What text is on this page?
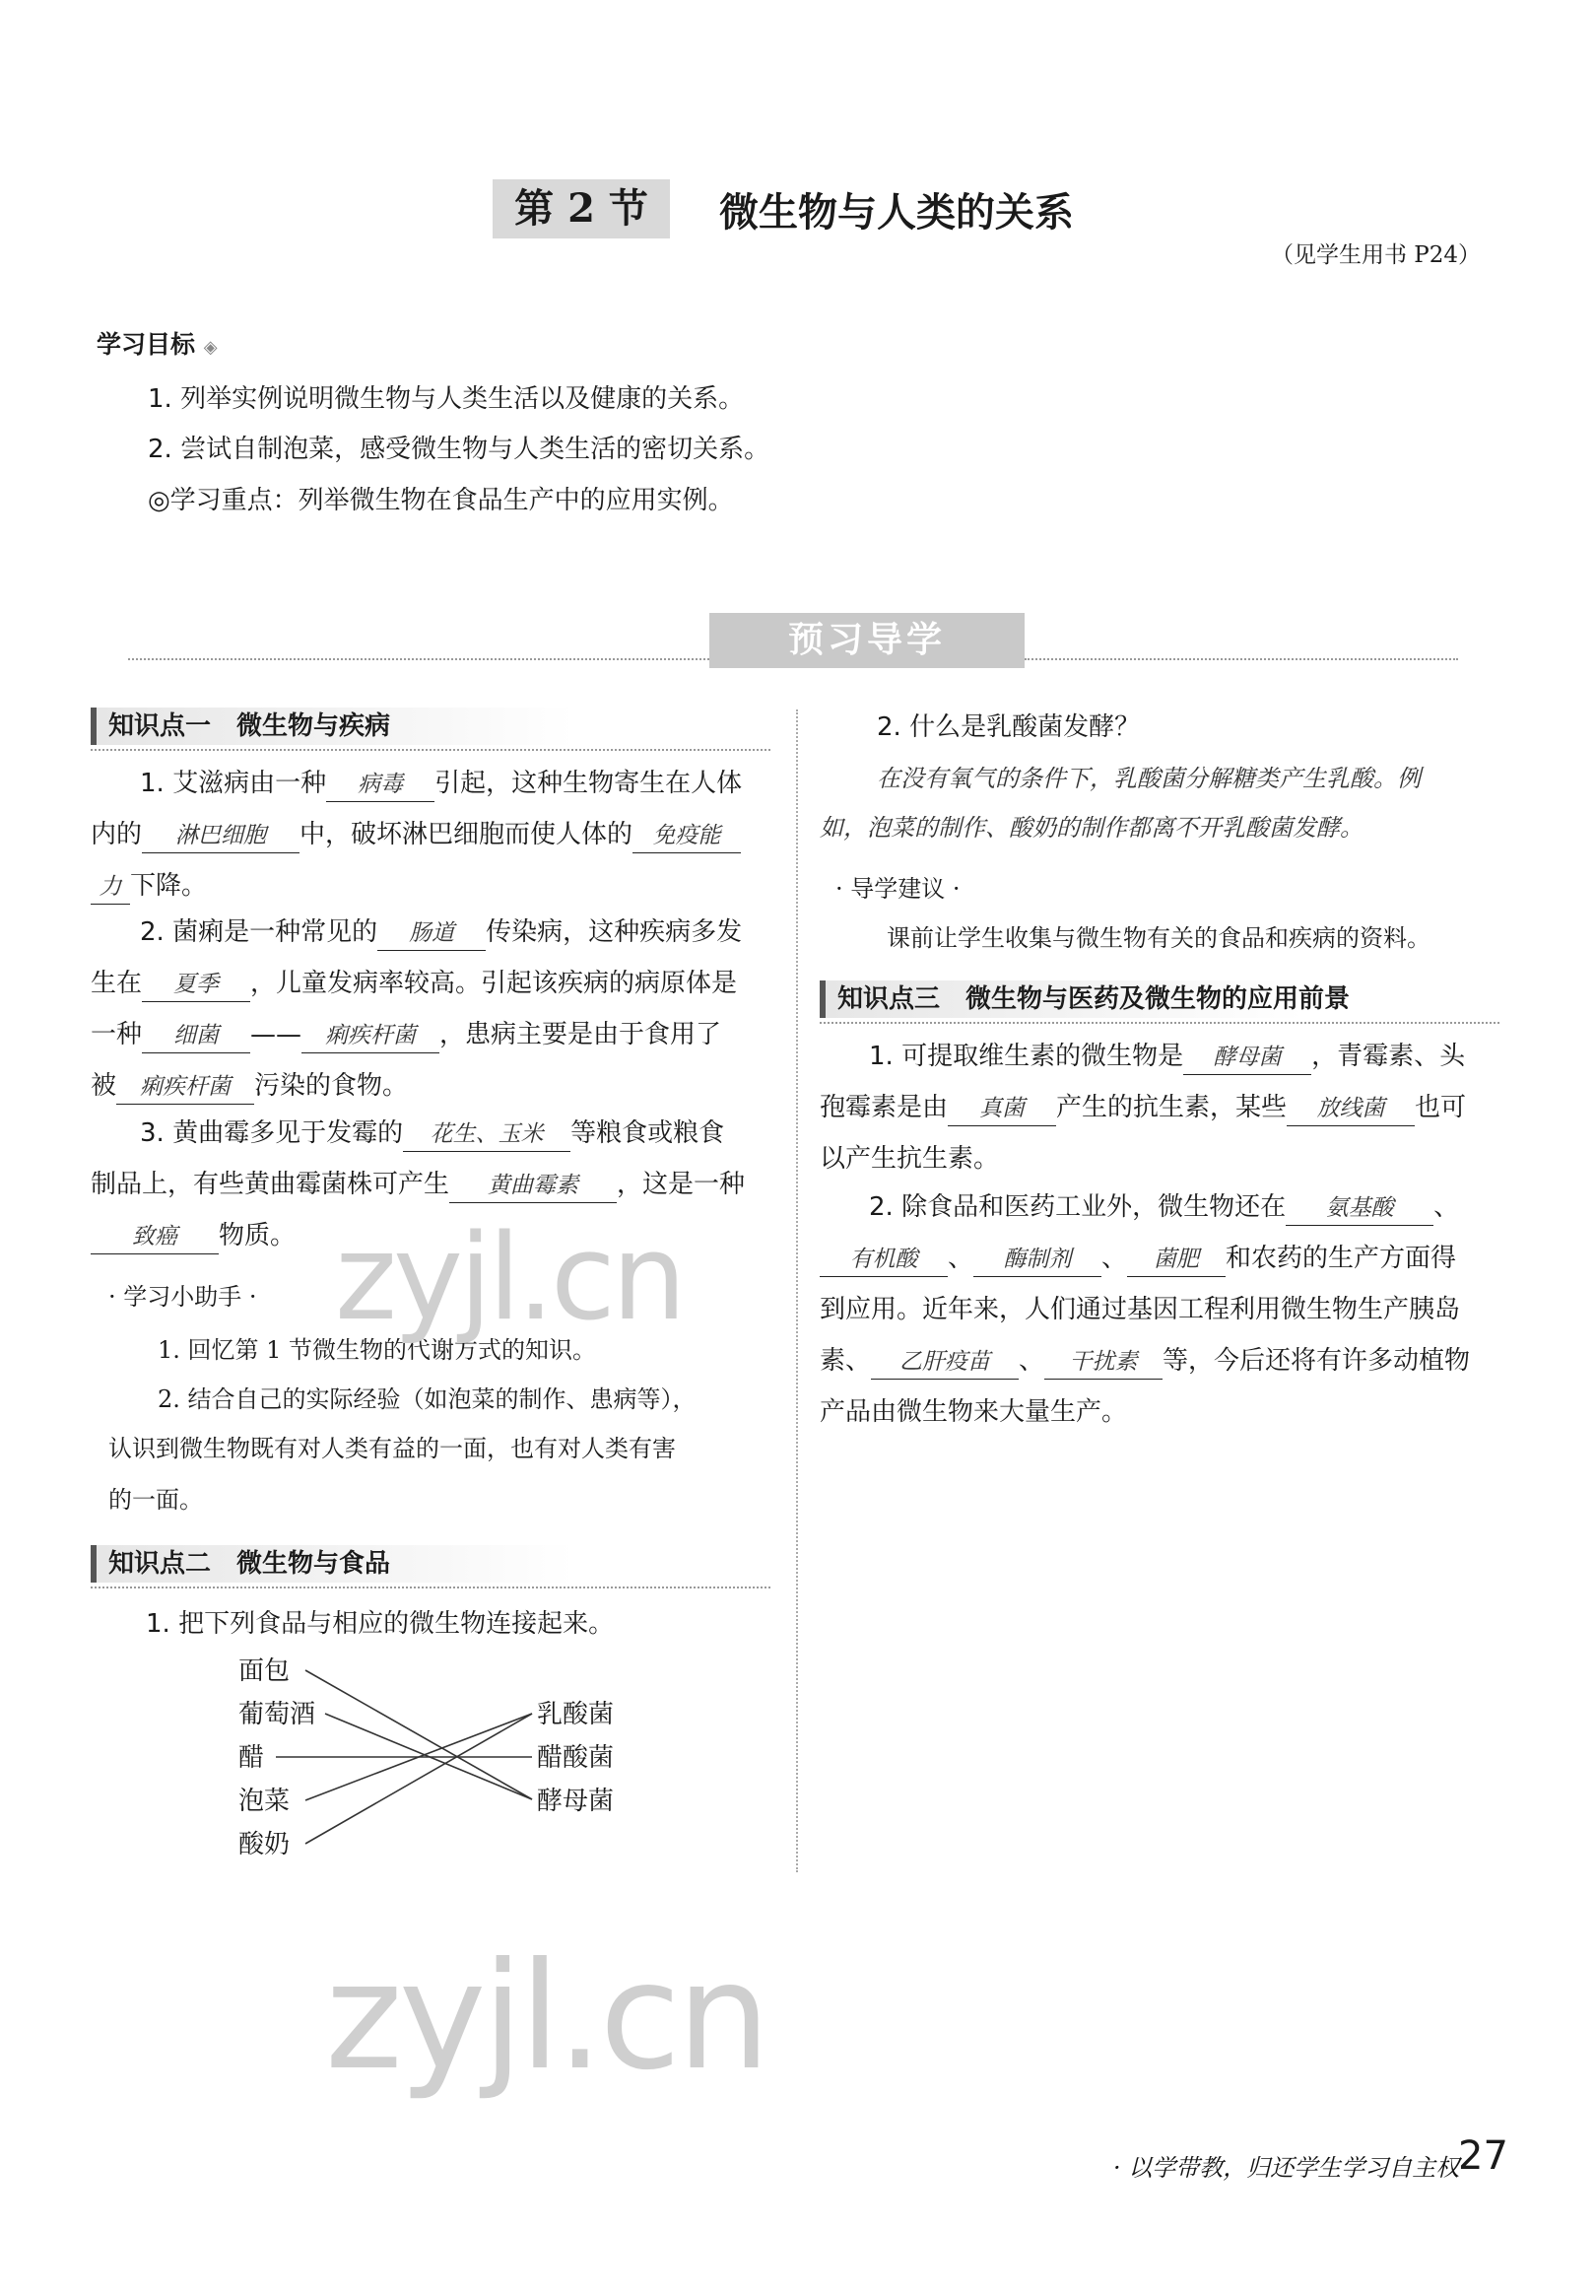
第 2 节	微生物与人类的关系
（见学生用书 P24）
学习目标 ◈
1. 列举实例说明微生物与人类生活以及健康的关系。
2. 尝试自制泡菜，感受微生物与人类生活的密切关系。
◎学习重点：列举微生物在食品生产中的应用实例。
预习导学
知识点一　微生物与疾病
1. 艾滋病由一种 病毒 引起，这种生物寄生在人体
内的 淋巴细胞 中，破坏淋巴细胞而使人体的 免疫能
力 下降。
2. 菌痢是一种常见的 肠道 传染病，这种疾病多发
生在 夏季 ，儿童发病率较高。引起该疾病的病原体是
一种 细菌 —— 痢疾杆菌 ，患病主要是由于食用了
被 痢疾杆菌 污染的食物。
3. 黄曲霉多见于发霉的 花生、玉米 等粮食或粮食
制品上，有些黄曲霉菌株可产生 黄曲霉素 ，这是一种
致癌 物质。
· 学习小助手 ·
1. 回忆第 1 节微生物的代谢方式的知识。
2. 结合自己的实际经验（如泡菜的制作、患病等），
认识到微生物既有对人类有益的一面，也有对人类有害
的一面。
知识点二　微生物与食品
1. 把下列食品与相应的微生物连接起来。
面包
葡萄酒
醋
泡菜
酸奶
乳酸菌
醋酸菌
酵母菌
2. 什么是乳酸菌发酵？
在没有氧气的条件下，乳酸菌分解糖类产生乳酸。例
如，泡菜的制作、酸奶的制作都离不开乳酸菌发酵。
· 导学建议 ·
课前让学生收集与微生物有关的食品和疾病的资料。
知识点三　微生物与医药及微生物的应用前景
1. 可提取维生素的微生物是 酵母菌 ，青霉素、头
孢霉素是由 真菌 产生的抗生素，某些 放线菌 也可
以产生抗生素。
2. 除食品和医药工业外，微生物还在 氨基酸 、
有机酸 、 酶制剂 、 菌肥 和农药的生产方面得
到应用。近年来，人们通过基因工程利用微生物生产胰岛
素、 乙肝疫苗 、 干扰素 等，今后还将有许多动植物
产品由微生物来大量生产。
zyjl.cn
zyjl.cn
· 以学带教，归还学生学习自主权 ·
27
